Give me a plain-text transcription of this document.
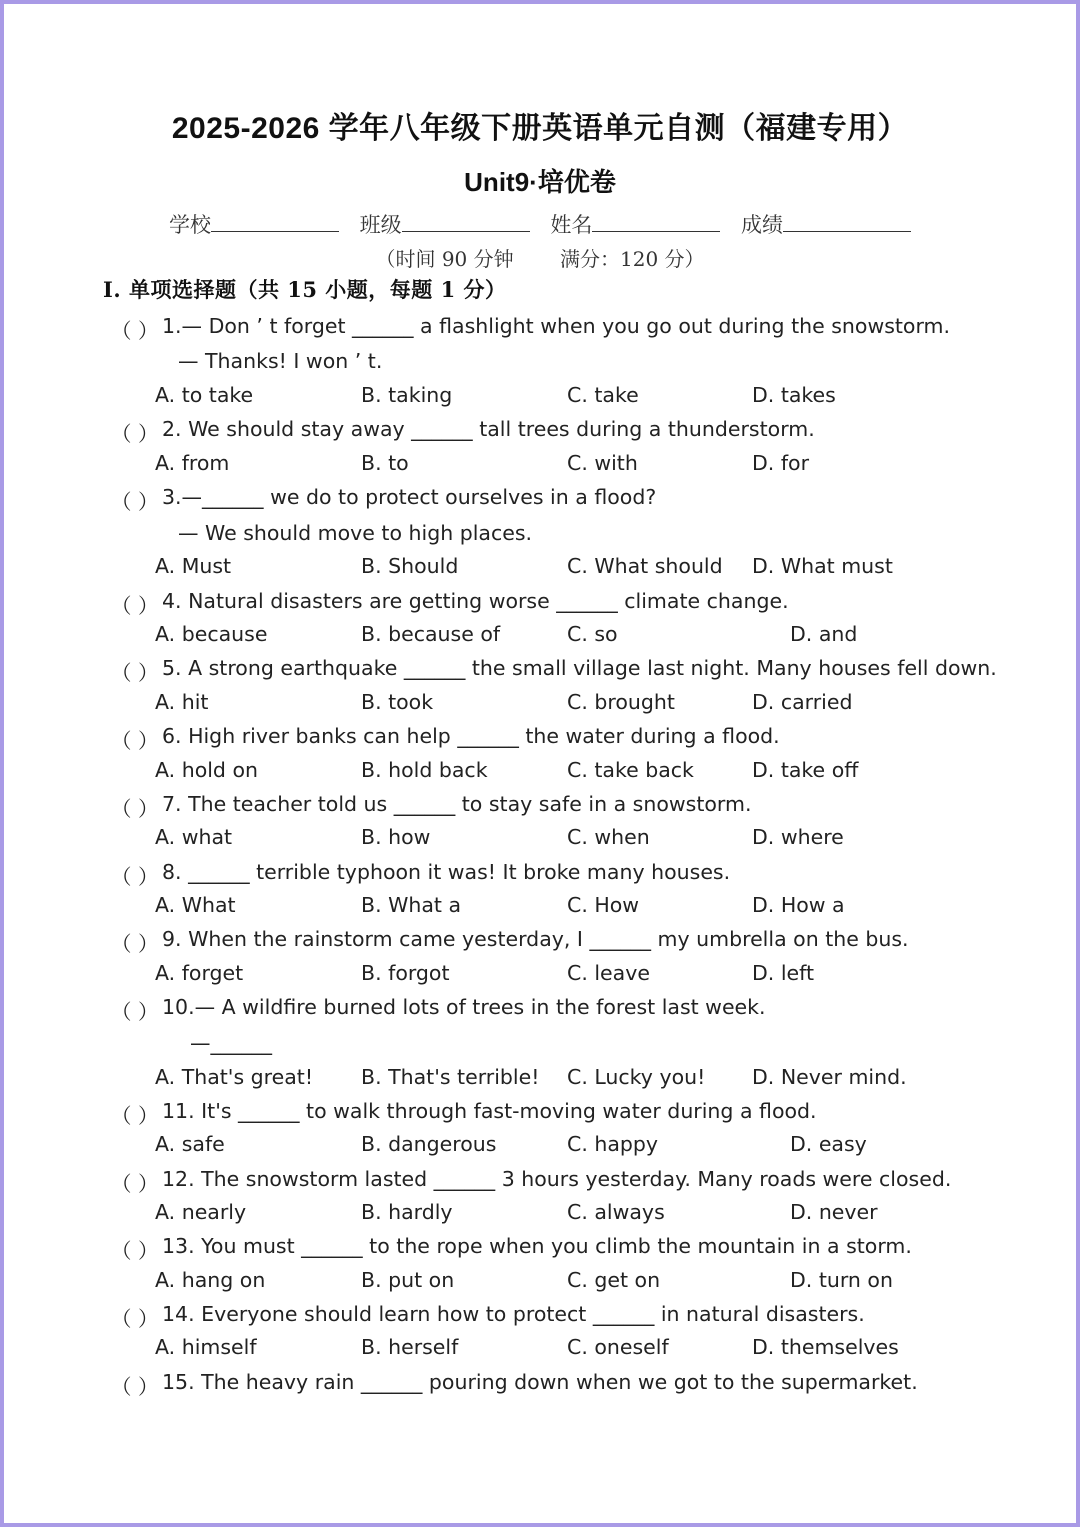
2025-2026 学年八年级下册英语单元自测（福建专用）
Unit9·培优卷
学校	班级	姓名	成绩
（时间 90 分钟 满分：120 分）
I. 单项选择题（共 15 小题，每题 1 分）
（ ） 1.— Don ’ t forget ______ a flashlight when you go out during the snowstorm.
— Thanks! I won ’ t.
A. to take	B. taking	C. take	D. takes
（ ） 2. We should stay away ______ tall trees during a thunderstorm.
A. from	B. to	C. with	D. for
（ ） 3.—______ we do to protect ourselves in a flood?
— We should move to high places.
A. Must	B. Should	C. What should D. What must
（ ） 4. Natural disasters are getting worse ______ climate change.
A. because	B. because of	C. so	D. and
（ ） 5. A strong earthquake ______ the small village last night. Many houses fell down.
A. hit	B. took	C. brought	D. carried
（ ） 6. High river banks can help ______ the water during a flood.
A. hold on	B. hold back	C. take back	D. take off
（ ） 7. The teacher told us ______ to stay safe in a snowstorm.
A. what	B. how	C. when	D. where
（ ） 8. ______ terrible typhoon it was! It broke many houses.
A. What	B. What a	C. How	D. How a
（ ） 9. When the rainstorm came yesterday, I ______ my umbrella on the bus.
A. forget	B. forgot	C. leave	D. left
（ ） 10.— A wildfire burned lots of trees in the forest last week.
—______
A. That's great! B. That's terrible! C. Lucky you! D. Never mind.
（ ） 11. It's ______ to walk through fast-moving water during a flood.
A. safe	B. dangerous	C. happy	D. easy
（ ） 12. The snowstorm lasted ______ 3 hours yesterday. Many roads were closed.
A. nearly	B. hardly	C. always	D. never
（ ） 13. You must ______ to the rope when you climb the mountain in a storm.
A. hang on	B. put on	C. get on	D. turn on
（ ） 14. Everyone should learn how to protect ______ in natural disasters.
A. himself	B. herself	C. oneself	D. themselves
（ ） 15. The heavy rain ______ pouring down when we got to the supermarket.
